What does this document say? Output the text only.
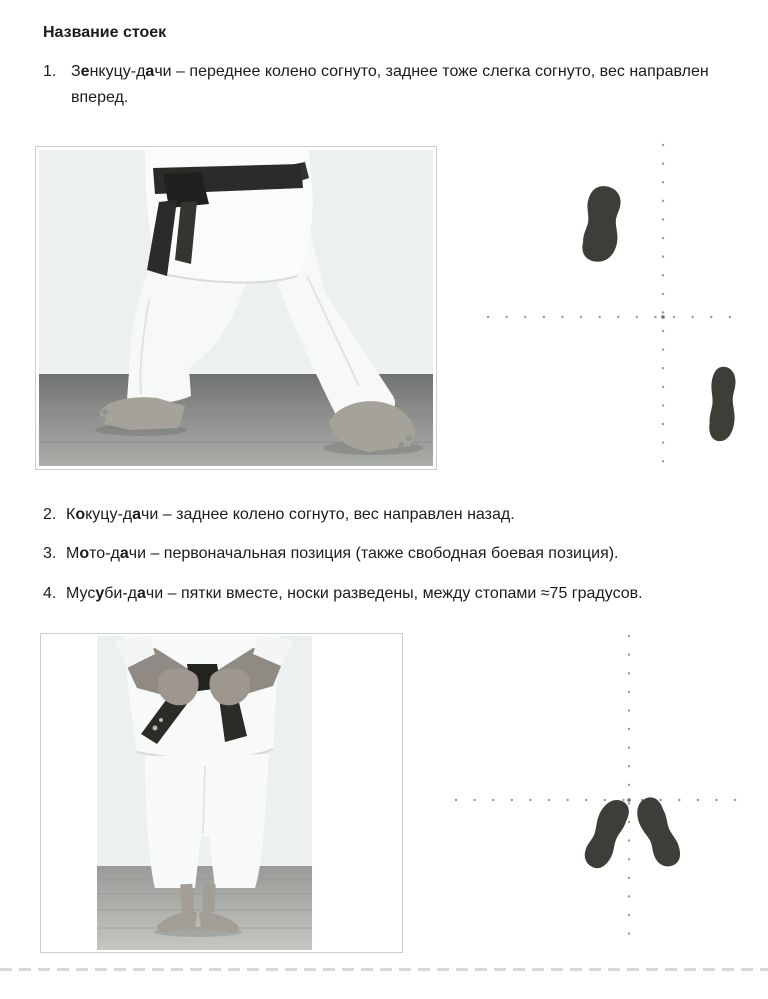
Название стоек
1. Зенкуцу-дачи – переднее колено согнуто, заднее тоже слегка согнуто, вес направлен вперед.
2. Кокуцу-дачи – заднее колено согнуто, вес направлен назад.
3. Мото-дачи – первоначальная позиция (также свободная боевая позиция).
4. Мусуби-дачи – пятки вместе, носки разведены, между стопами ≈75 градусов.
